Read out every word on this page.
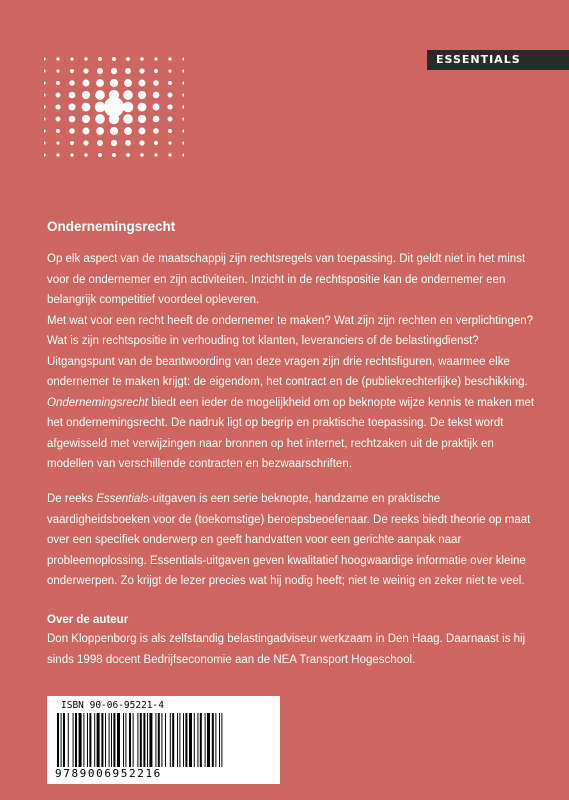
ESSENTIALS
Ondernemingsrecht

Op elk aspect van de maatschappij zijn rechtsregels van toepassing. Dit geldt niet in het minst voor de ondernemer en zijn activiteiten. Inzicht in de rechtspositie kan de ondernemer een belangrijk competitief voordeel opleveren.

Met wat voor een recht heeft de ondernemer te maken? Wat zijn zijn rechten en verplichtingen? Wat is zijn rechtspositie in verhouding tot klanten, leveranciers of de belastingdienst? Uitgangspunt van de beantwoording van deze vragen zijn drie rechtsfiguren, waarmee elke ondernemer te maken krijgt: de eigendom, het contract en de (publiekrechterlijke) beschikking.

Ondernemingsrecht biedt een ieder de mogelijkheid om op beknopte wijze kennis te maken met het ondernemingsrecht. De nadruk ligt op begrip en praktische toepassing. De tekst wordt afgewisseld met verwijzingen naar bronnen op het internet, rechtzaken uit de praktijk en modellen van verschillende contracten en bezwaarschriften.

De reeks Essentials-uitgaven is een serie beknopte, handzame en praktische vaardigheidsboeken voor de (toekomstige) beroepsbeoefenaar. De reeks biedt theorie op maat over een specifiek onderwerp en geeft handvatten voor een gerichte aanpak naar probleemoplossing. Essentials-uitgaven geven kwalitatief hoogwaardige informatie over kleine onderwerpen. Zo krijgt de lezer precies wat hij nodig heeft; niet te weinig en zeker niet te veel.

Over de auteur
Don Kloppenborg is als zelfstandig belastingadviseur werkzaam in Den Haag. Daarnaast is hij sinds 1998 docent Bedrijfseconomie aan de NEA Transport Hogeschool.
ISBN 90-06-95221-4
9789006952216
